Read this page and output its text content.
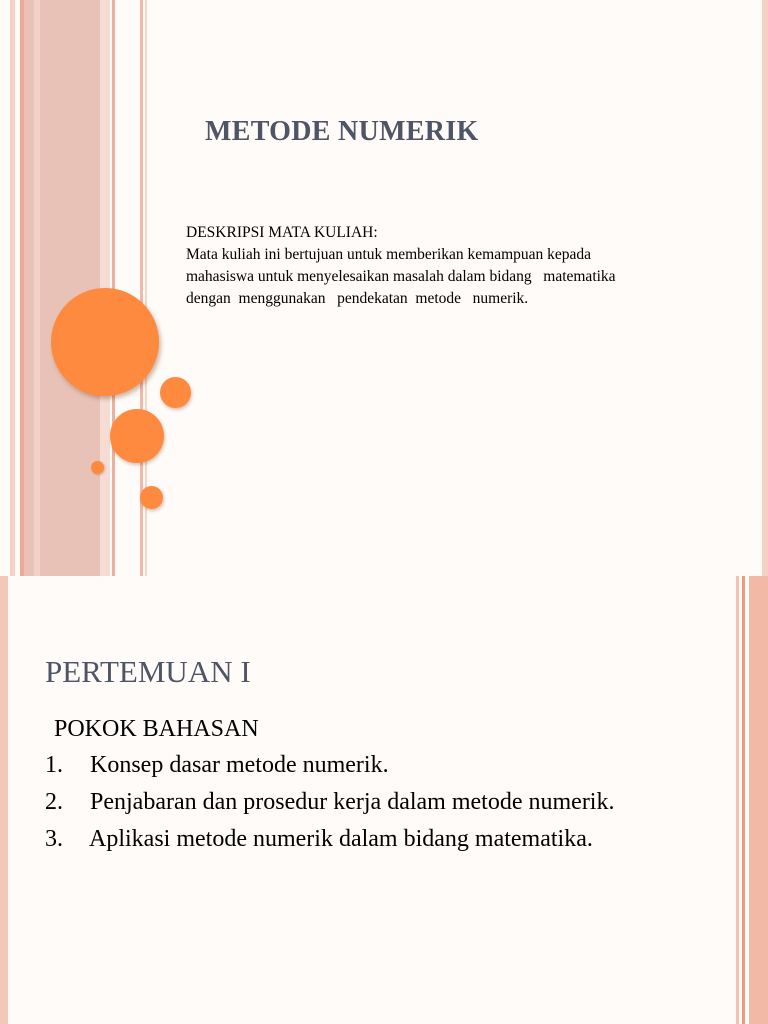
METODE NUMERIK
DESKRIPSI MATA KULIAH:
Mata kuliah ini bertujuan untuk memberikan kemampuan kepada
mahasiswa untuk menyelesaikan masalah dalam bidang   matematika
dengan  menggunakan   pendekatan  metode   numerik.
PERTEMUAN I
POKOK BAHASAN
1. Konsep dasar metode numerik.
2. Penjabaran dan prosedur kerja dalam metode numerik.
3. Aplikasi metode numerik dalam bidang matematika.
